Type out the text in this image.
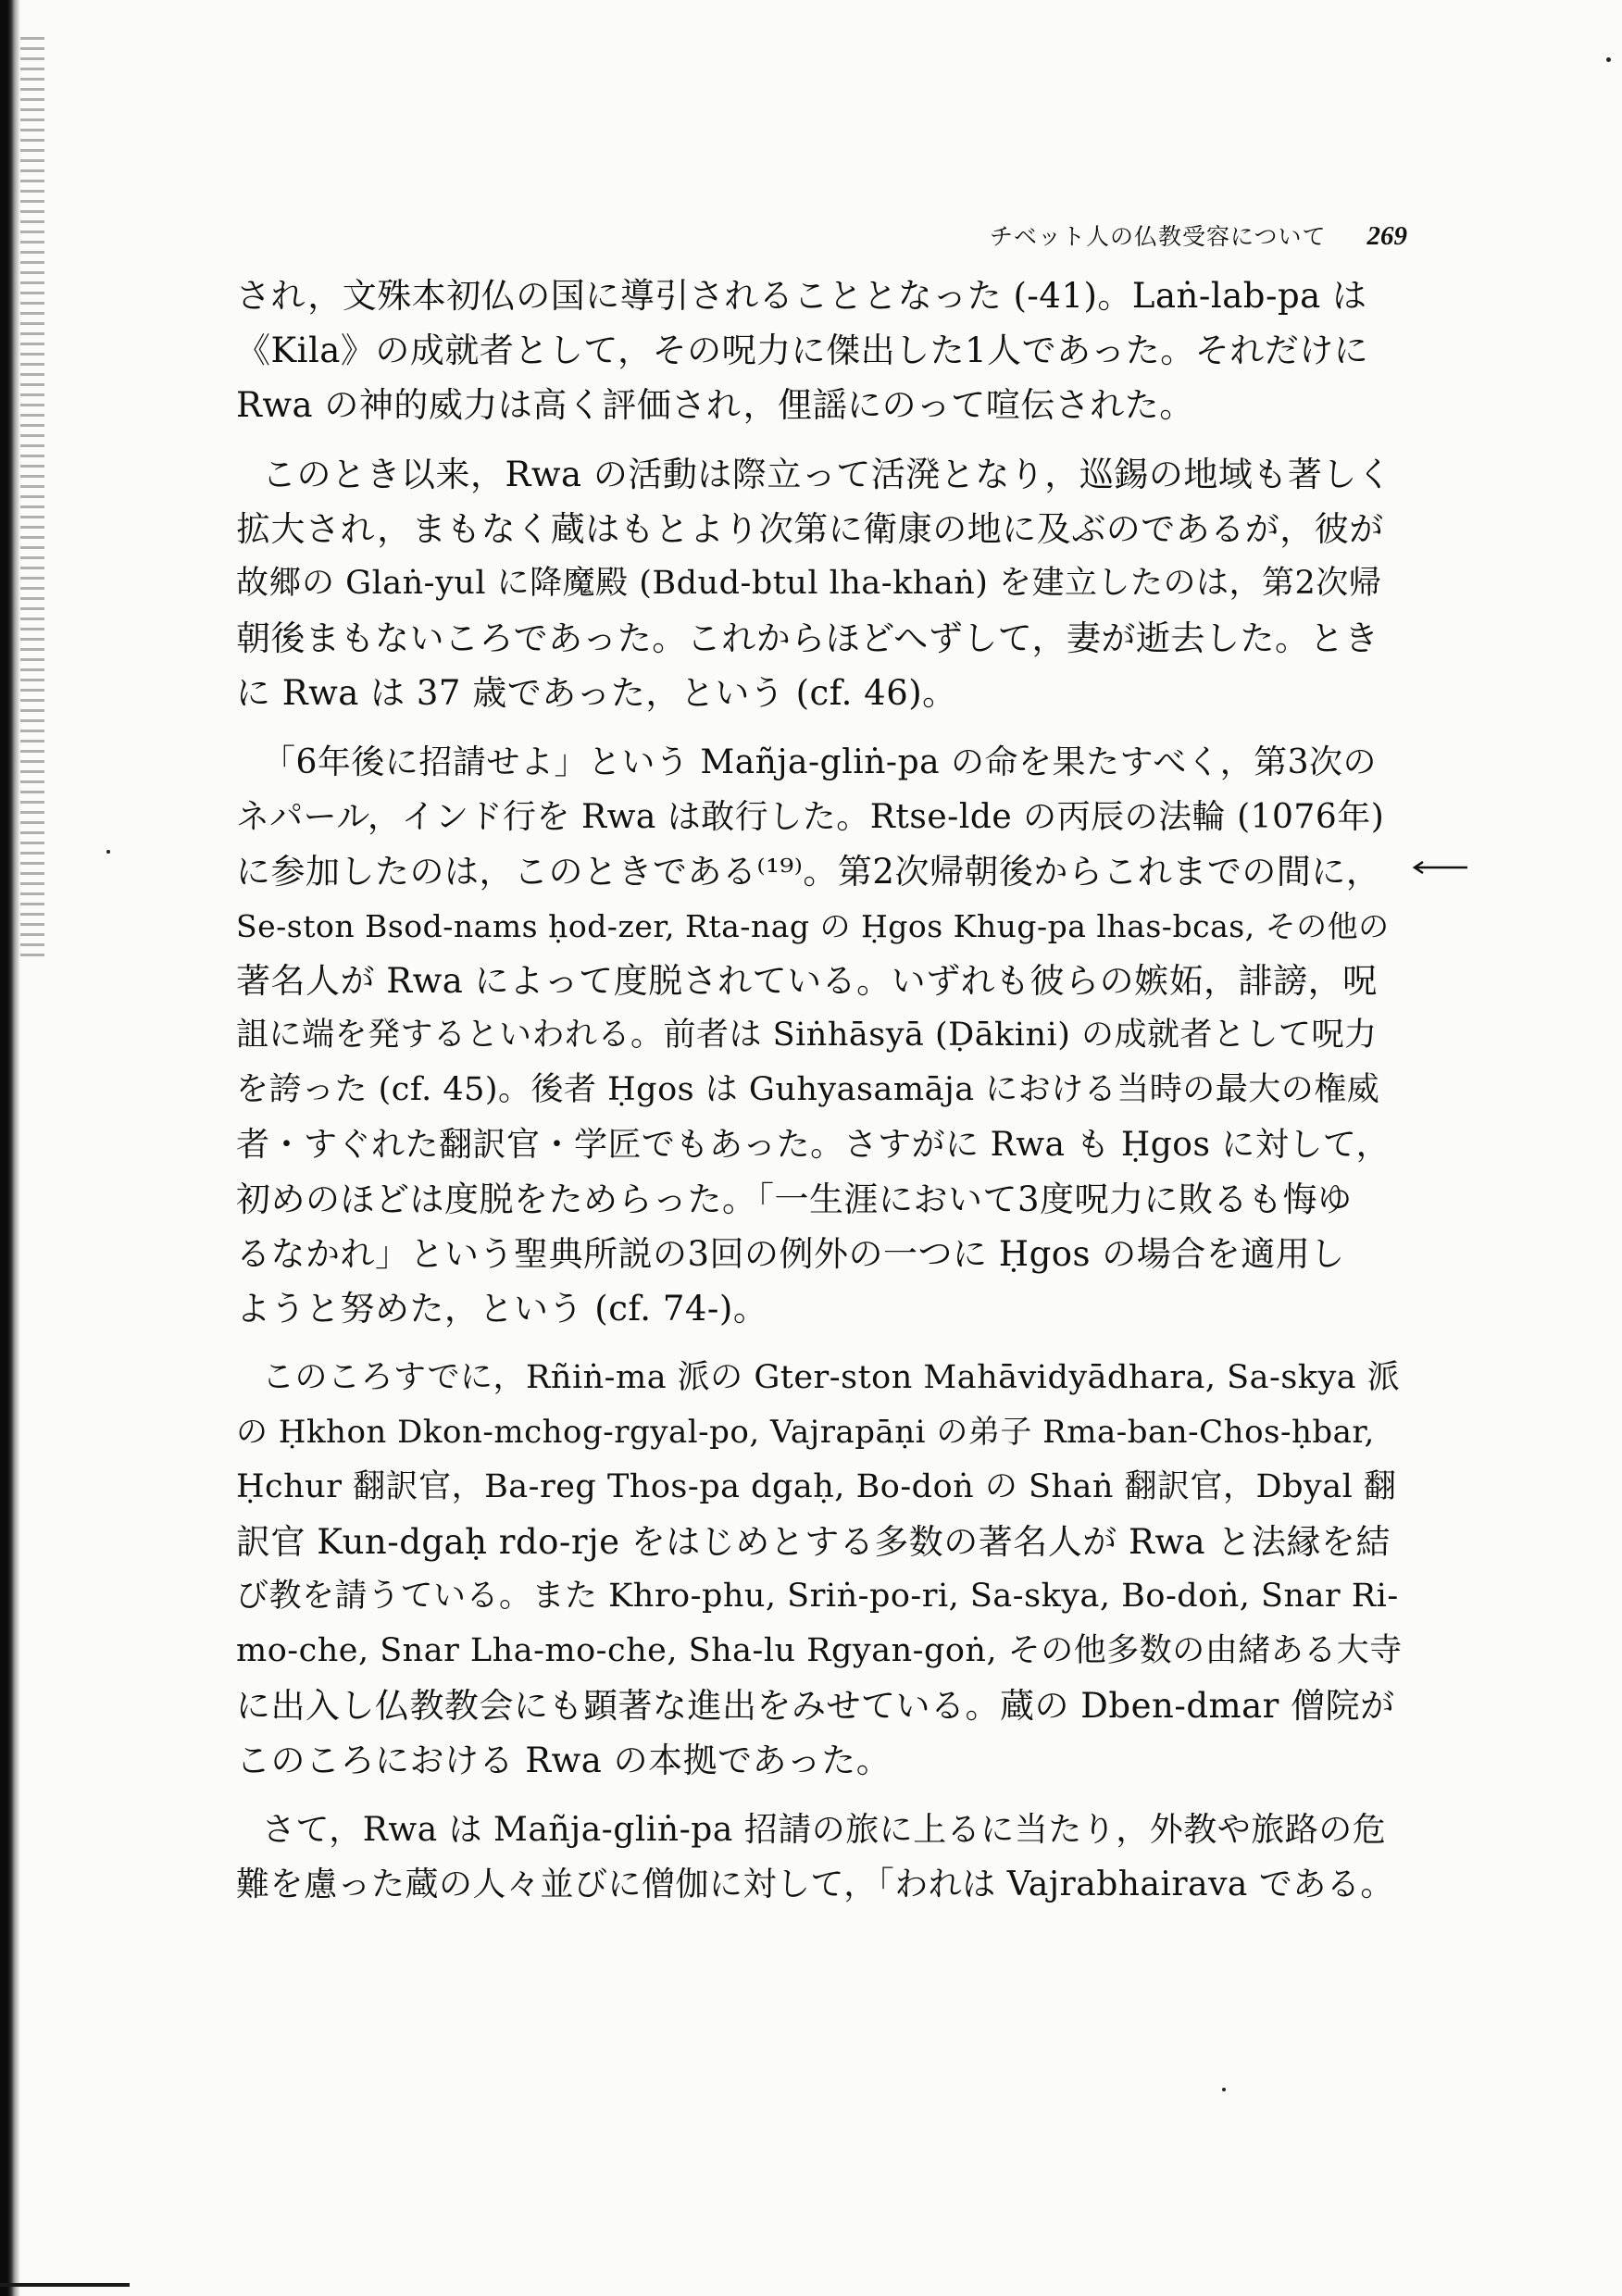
チベット人の仏教受容について 269
され，文殊本初仏の国に導引されることとなった (-41)。Laṅ-lab-pa は
《Kila》の成就者として，その呪力に傑出した1人であった。それだけに
Rwa の神的威力は高く評価され，俚謡にのって喧伝された。
このとき以来，Rwa の活動は際立って活溌となり，巡錫の地域も著しく
拡大され，まもなく蔵はもとより次第に衛康の地に及ぶのであるが，彼が
故郷の Glaṅ-yul に降魔殿 (Bdud-btul lha-khaṅ) を建立したのは，第2次帰
朝後まもないころであった。これからほどへずして，妻が逝去した。とき
に Rwa は 37 歳であった，という (cf. 46)。
「6年後に招請せよ」という Mañja-gliṅ-pa の命を果たすべく，第3次の
ネパール，インド行を Rwa は敢行した。Rtse-lde の丙辰の法輪 (1076年)
に参加したのは，このときである⁽¹⁹⁾。第2次帰朝後からこれまでの間に，
Se-ston Bsod-nams ḥod-zer, Rta-nag の Ḥgos Khug-pa lhas-bcas, その他の
著名人が Rwa によって度脱されている。いずれも彼らの嫉妬，誹謗，呪
詛に端を発するといわれる。前者は Siṅhāsyā (Ḍākini) の成就者として呪力
を誇った (cf. 45)。後者 Ḥgos は Guhyasamāja における当時の最大の権威
者・すぐれた翻訳官・学匠でもあった。さすがに Rwa も Ḥgos に対して，
初めのほどは度脱をためらった。「一生涯において3度呪力に敗るも悔ゆ
るなかれ」という聖典所説の3回の例外の一つに Ḥgos の場合を適用し
ようと努めた，という (cf. 74-)。
このころすでに，Rñiṅ-ma 派の Gter-ston Mahāvidyādhara, Sa-skya 派
の Ḥkhon Dkon-mchog-rgyal-po, Vajrapāṇi の弟子 Rma-ban-Chos-ḥbar,
Ḥchur 翻訳官，Ba-reg Thos-pa dgaḥ, Bo-doṅ の Shaṅ 翻訳官，Dbyal 翻
訳官 Kun-dgaḥ rdo-rje をはじめとする多数の著名人が Rwa と法縁を結
び教を請うている。また Khro-phu, Sriṅ-po-ri, Sa-skya, Bo-doṅ, Snar Ri-
mo-che, Snar Lha-mo-che, Sha-lu Rgyan-goṅ, その他多数の由緒ある大寺
に出入し仏教教会にも顕著な進出をみせている。蔵の Dben-dmar 僧院が
このころにおける Rwa の本拠であった。
さて，Rwa は Mañja-gliṅ-pa 招請の旅に上るに当たり，外教や旅路の危
難を慮った蔵の人々並びに僧伽に対して，「われは Vajrabhairava である。
